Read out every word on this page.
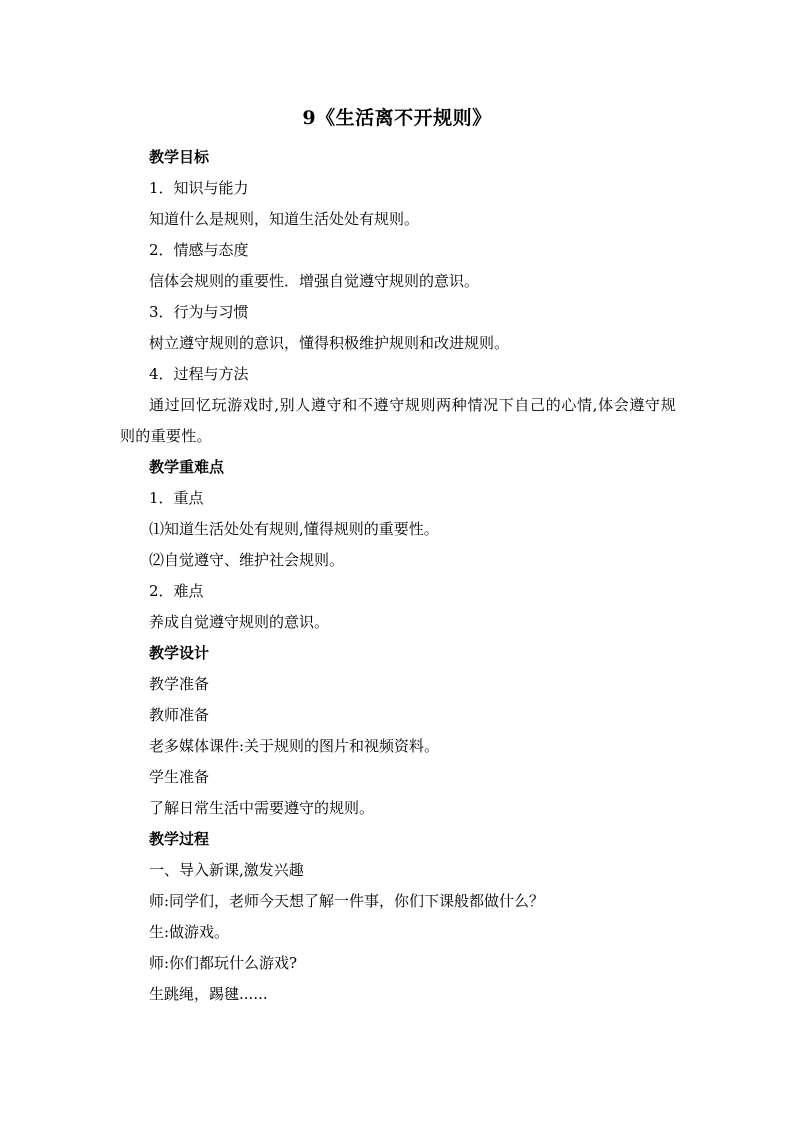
9《生活离不开规则》
教学目标
1．知识与能力
知道什么是规则，知道生活处处有规则。
2．情感与态度
信体会规则的重要性．增强自觉遵守规则的意识。
3．行为与习惯
树立遵守规则的意识，懂得积极维护规则和改进规则。
4．过程与方法
通过回忆玩游戏时,别人遵守和不遵守规则两种情况下自己的心情,体会遵守规则的重要性。
教学重难点
1．重点
⑴知道生活处处有规则,懂得规则的重要性。
⑵自觉遵守、维护社会规则。
2．难点
养成自觉遵守规则的意识。
教学设计
教学准备
教师准备
老多媒体课件:关于规则的图片和视频资料。
学生准备
了解日常生活中需要遵守的规则。
教学过程
一、导入新课,激发兴趣
师:同学们，老师今天想了解一件事，你们下课般都做什么？
生:做游戏。
师:你们都玩什么游戏?
生跳绳，踢毽......
